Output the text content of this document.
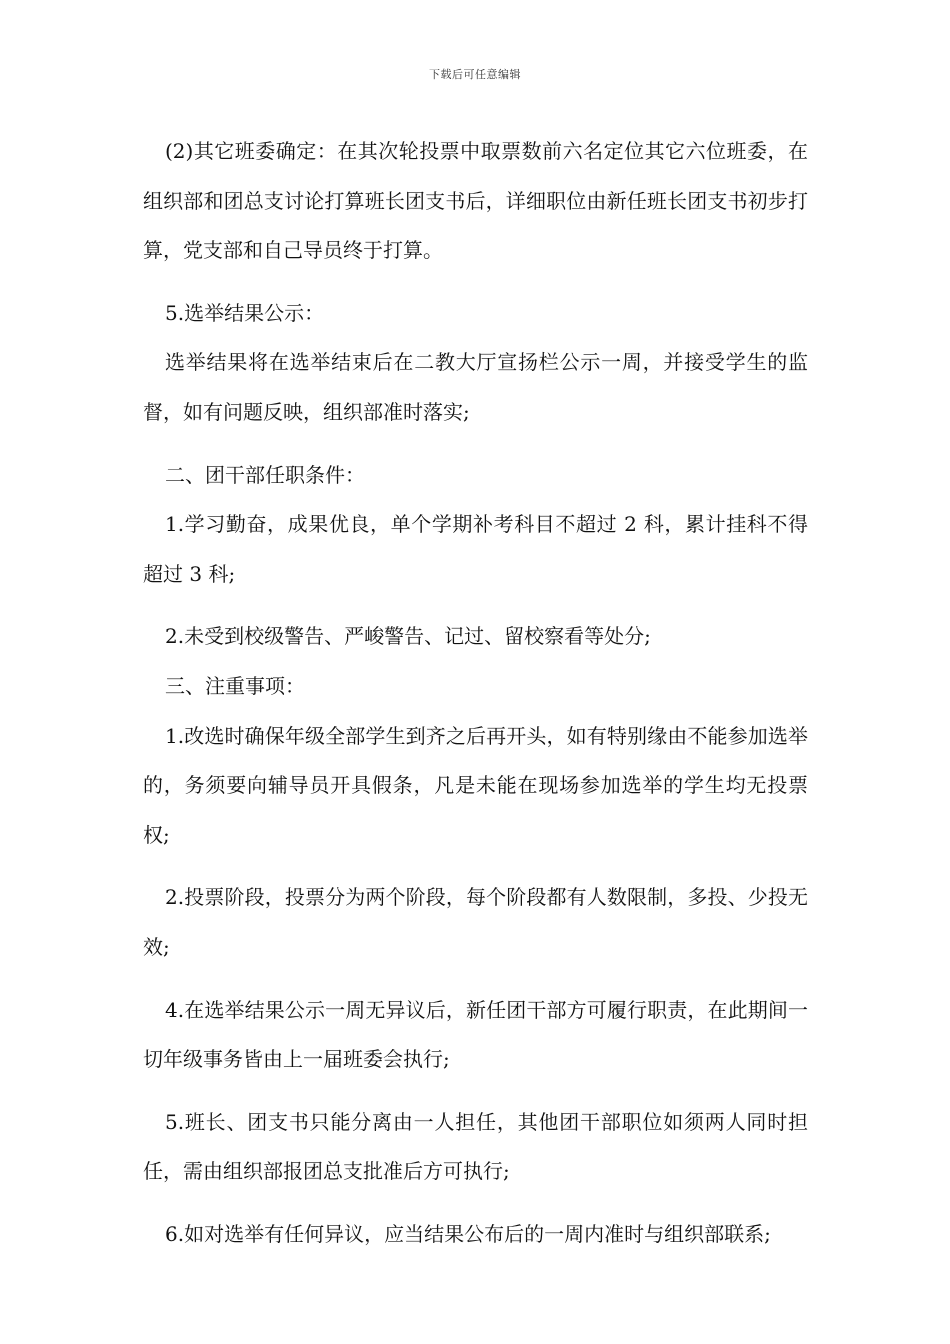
下载后可任意编辑

(2)其它班委确定：在其次轮投票中取票数前六名定位其它六位班委，在组织部和团总支讨论打算班长团支书后，详细职位由新任班长团支书初步打算，党支部和自己导员终于打算。

5.选举结果公示：

选举结果将在选举结束后在二教大厅宣扬栏公示一周，并接受学生的监督，如有问题反映，组织部准时落实;

二、团干部任职条件：

1.学习勤奋，成果优良，单个学期补考科目不超过 2 科，累计挂科不得超过 3 科;

2.未受到校级警告、严峻警告、记过、留校察看等处分;

三、注重事项：

1.改选时确保年级全部学生到齐之后再开头，如有特别缘由不能参加选举的，务须要向辅导员开具假条，凡是未能在现场参加选举的学生均无投票权;

2.投票阶段，投票分为两个阶段，每个阶段都有人数限制，多投、少投无效;

4.在选举结果公示一周无异议后，新任团干部方可履行职责，在此期间一切年级事务皆由上一届班委会执行;

5.班长、团支书只能分离由一人担任，其他团干部职位如须两人同时担任，需由组织部报团总支批准后方可执行;

6.如对选举有任何异议，应当结果公布后的一周内准时与组织部联系;
